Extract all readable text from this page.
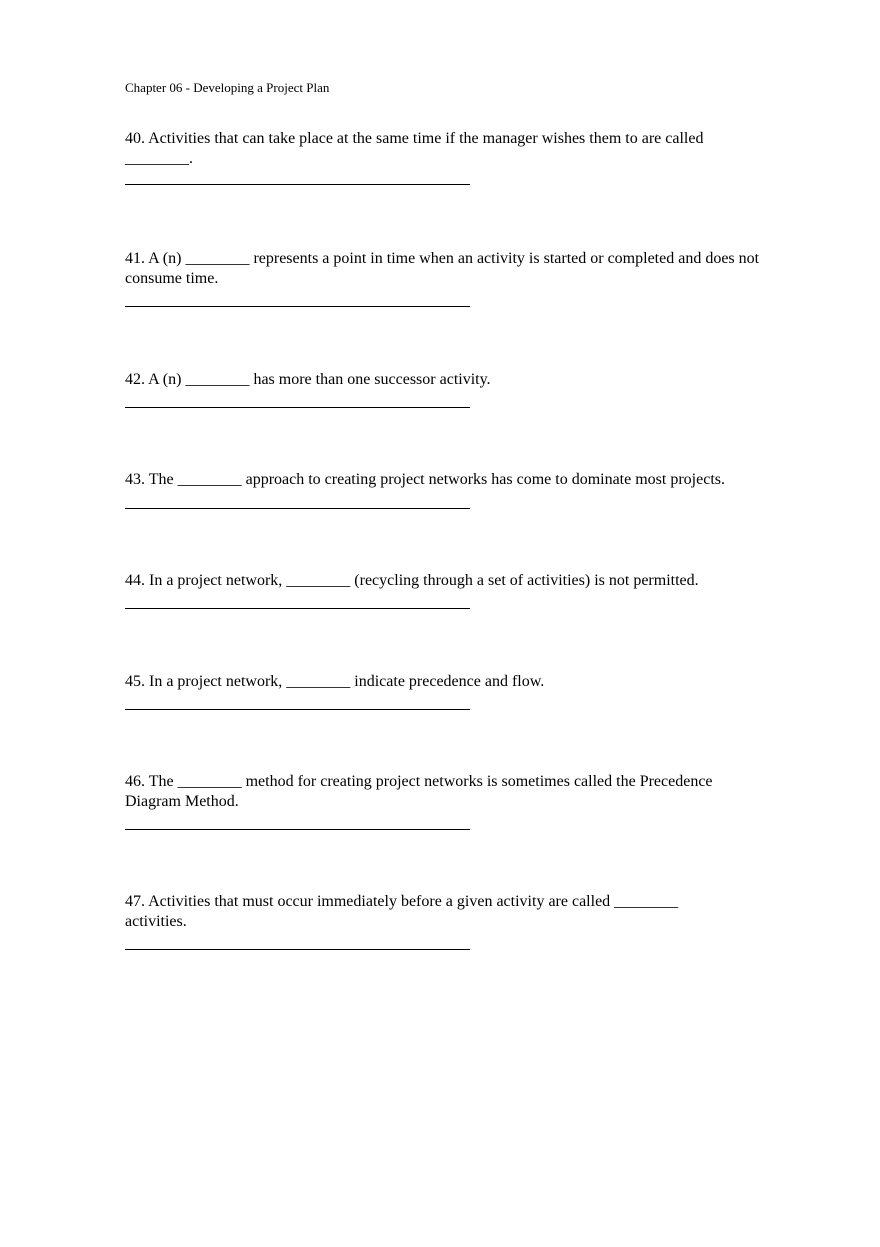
Chapter 06 - Developing a Project Plan
40. Activities that can take place at the same time if the manager wishes them to are called ________.
41. A (n) ________ represents a point in time when an activity is started or completed and does not consume time.
42. A (n) ________ has more than one successor activity.
43. The ________ approach to creating project networks has come to dominate most projects.
44. In a project network, ________ (recycling through a set of activities) is not permitted.
45. In a project network, ________ indicate precedence and flow.
46. The ________ method for creating project networks is sometimes called the Precedence Diagram Method.
47. Activities that must occur immediately before a given activity are called ________ activities.
